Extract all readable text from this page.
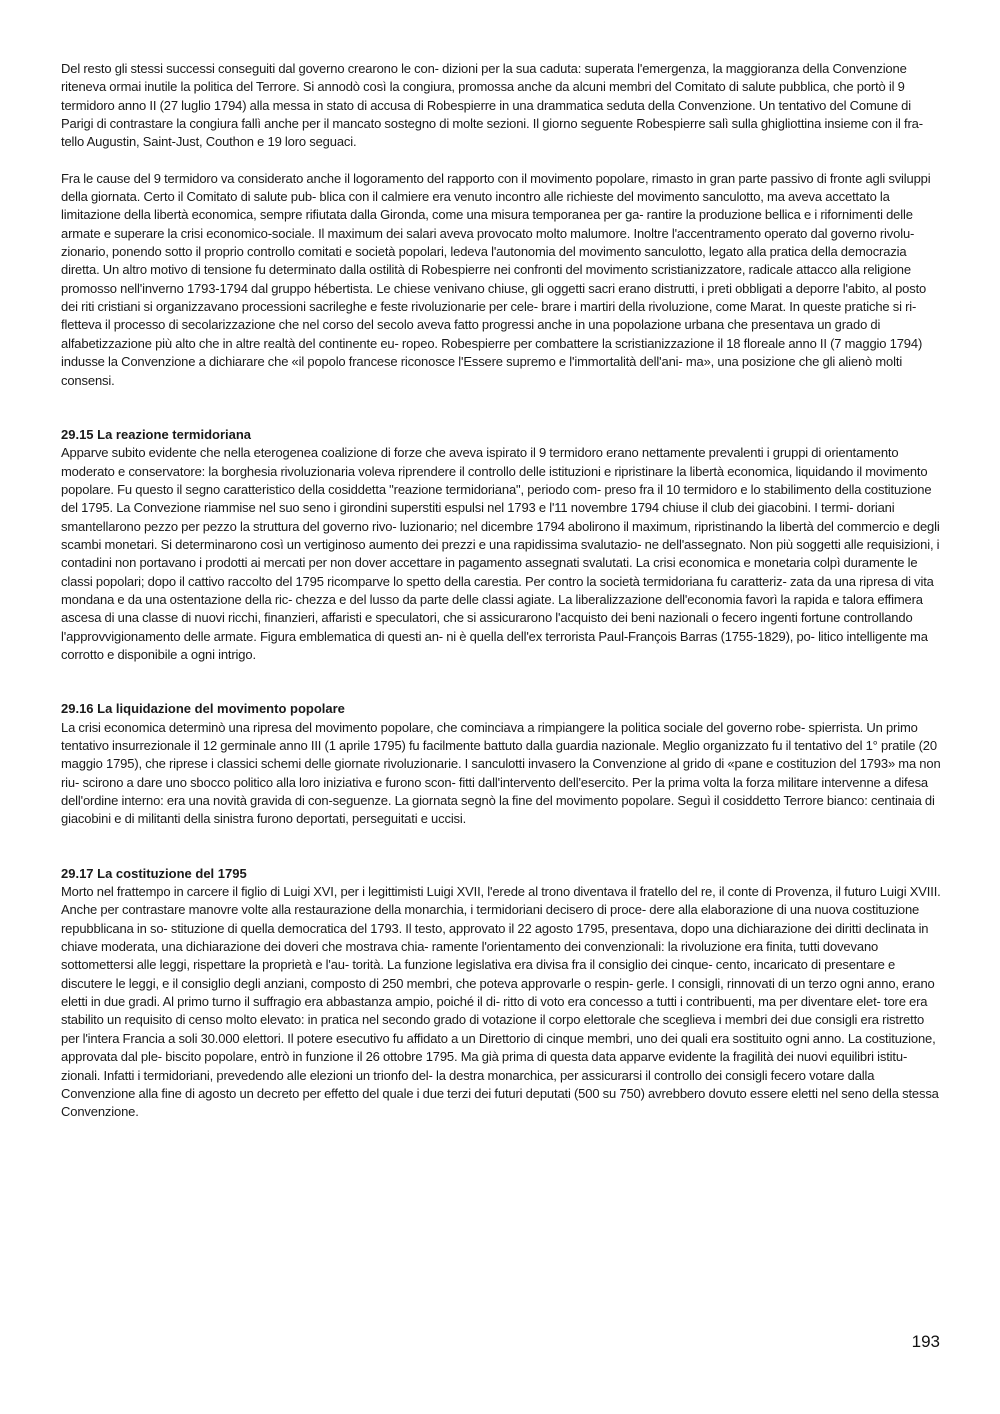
Del resto gli stessi successi conseguiti dal governo crearono le con- dizioni per la sua caduta: superata l'emergenza, la maggioranza della Convenzione riteneva ormai inutile la politica del Terrore. Si annodò così la congiura, promossa anche da alcuni membri del Comitato di salute pubblica, che portò il 9 termidoro anno II (27 luglio 1794) alla messa in stato di accusa di Robespierre in una drammatica seduta della Convenzione. Un tentativo del Comune di Parigi di contrastare la congiura fallì anche per il mancato sostegno di molte sezioni. Il giorno seguente Robespierre salì sulla ghigliottina insieme con il fra- tello Augustin, Saint-Just, Couthon e 19 loro seguaci.

Fra le cause del 9 termidoro va considerato anche il logoramento del rapporto con il movimento popolare, rimasto in gran parte passivo di fronte agli sviluppi della giornata. Certo il Comitato di salute pub- blica con il calmiere era venuto incontro alle richieste del movimento sanculotto, ma aveva accettato la limitazione della libertà economica, sempre rifiutata dalla Gironda, come una misura temporanea per ga- rantire la produzione bellica e i rifornimenti delle armate e superare la crisi economico-sociale. Il maximum dei salari aveva provocato molto malumore. Inoltre l'accentramento operato dal governo rivolu- zionario, ponendo sotto il proprio controllo comitati e società popolari, ledeva l'autonomia del movimento sanculotto, legato alla pratica della democrazia diretta. Un altro motivo di tensione fu determinato dalla ostilità di Robespierre nei confronti del movimento scristianizzatore, radicale attacco alla religione promosso nell'inverno 1793-1794 dal gruppo hébertista. Le chiese venivano chiuse, gli oggetti sacri erano distrutti, i preti obbligati a deporre l'abito, al posto dei riti cristiani si organizzavano processioni sacrileghe e feste rivoluzionarie per cele- brare i martiri della rivoluzione, come Marat. In queste pratiche si ri- fletteva il processo di secolarizzazione che nel corso del secolo aveva fatto progressi anche in una popolazione urbana che presentava un grado di alfabetizzazione più alto che in altre realtà del continente eu- ropeo. Robespierre per combattere la scristianizzazione il 18 floreale anno II (7 maggio 1794) indusse la Convenzione a dichiarare che «il popolo francese riconosce l'Essere supremo e l'immortalità dell'ani- ma», una posizione che gli alienò molti consensi.

29.15 La reazione termidoriana

Apparve subito evidente che nella eterogenea coalizione di forze che aveva ispirato il 9 termidoro erano nettamente prevalenti i gruppi di orientamento moderato e conservatore: la borghesia rivoluzionaria voleva riprendere il controllo delle istituzioni e ripristinare la libertà economica, liquidando il movimento popolare. Fu questo il segno caratteristico della cosiddetta "reazione termidoriana", periodo com- preso fra il 10 termidoro e lo stabilimento della costituzione del 1795. La Convezione riammise nel suo seno i girondini superstiti espulsi nel 1793 e l'11 novembre 1794 chiuse il club dei giacobini. I termi- doriani smantellarono pezzo per pezzo la struttura del governo rivo- luzionario; nel dicembre 1794 abolirono il maximum, ripristinando la libertà del commercio e degli scambi monetari. Si determinarono così un vertiginoso aumento dei prezzi e una rapidissima svalutazio- ne dell'assegnato. Non più soggetti alle requisizioni, i contadini non portavano i prodotti ai mercati per non dover accettare in pagamento assegnati svalutati. La crisi economica e monetaria colpì duramente le classi popolari; dopo il cattivo raccolto del 1795 ricomparve lo spetto della carestia. Per contro la società termidoriana fu caratteriz- zata da una ripresa di vita mondana e da una ostentazione della ric- chezza e del lusso da parte delle classi agiate. La liberalizzazione dell'economia favorì la rapida e talora effimera ascesa di una classe di nuovi ricchi, finanzieri, affaristi e speculatori, che si assicurarono l'acquisto dei beni nazionali o fecero ingenti fortune controllando l'approvvigionamento delle armate. Figura emblematica di questi an- ni è quella dell'ex terrorista Paul-François Barras (1755-1829), po- litico intelligente ma corrotto e disponibile a ogni intrigo.

29.16 La liquidazione del movimento popolare

La crisi economica determinò una ripresa del movimento popolare, che cominciava a rimpiangere la politica sociale del governo robe- spierrista. Un primo tentativo insurrezionale il 12 germinale anno III (1 aprile 1795) fu facilmente battuto dalla guardia nazionale. Meglio organizzato fu il tentativo del 1° pratile (20 maggio 1795), che riprese i classici schemi delle giornate rivoluzionarie. I sanculotti invasero la Convenzione al grido di «pane e costituzion del 1793» ma non riu- scirono a dare uno sbocco politico alla loro iniziativa e furono scon- fitti dall'intervento dell'esercito. Per la prima volta la forza militare intervenne a difesa dell'ordine interno: era una novità gravida di con-seguenze. La giornata segnò la fine del movimento popolare. Seguì il cosiddetto Terrore bianco: centinaia di giacobini e di militanti della sinistra furono deportati, perseguitati e uccisi.

29.17 La costituzione del 1795

Morto nel frattempo in carcere il figlio di Luigi XVI, per i legittimisti Luigi XVII, l'erede al trono diventava il fratello del re, il conte di Provenza, il futuro Luigi XVIII. Anche per contrastare manovre volte alla restaurazione della monarchia, i termidoriani decisero di proce- dere alla elaborazione di una nuova costituzione repubblicana in so- stituzione di quella democratica del 1793. Il testo, approvato il 22 agosto 1795, presentava, dopo una dichiarazione dei diritti declinata in chiave moderata, una dichiarazione dei doveri che mostrava chia- ramente l'orientamento dei convenzionali: la rivoluzione era finita, tutti dovevano sottomettersi alle leggi, rispettare la proprietà e l'au- torità. La funzione legislativa era divisa fra il consiglio dei cinque- cento, incaricato di presentare e discutere le leggi, e il consiglio degli anziani, composto di 250 membri, che poteva approvarle o respin- gerle. I consigli, rinnovati di un terzo ogni anno, erano eletti in due gradi. Al primo turno il suffragio era abbastanza ampio, poiché il di- ritto di voto era concesso a tutti i contribuenti, ma per diventare elet- tore era stabilito un requisito di censo molto elevato: in pratica nel secondo grado di votazione il corpo elettorale che sceglieva i membri dei due consigli era ristretto per l'intera Francia a soli 30.000 elettori. Il potere esecutivo fu affidato a un Direttorio di cinque membri, uno dei quali era sostituito ogni anno. La costituzione, approvata dal ple- biscito popolare, entrò in funzione il 26 ottobre 1795. Ma già prima di questa data apparve evidente la fragilità dei nuovi equilibri istitu- zionali. Infatti i termidoriani, prevedendo alle elezioni un trionfo del- la destra monarchica, per assicurarsi il controllo dei consigli fecero votare dalla Convenzione alla fine di agosto un decreto per effetto del quale i due terzi dei futuri deputati (500 su 750) avrebbero dovuto essere eletti nel seno della stessa Convenzione.

193
